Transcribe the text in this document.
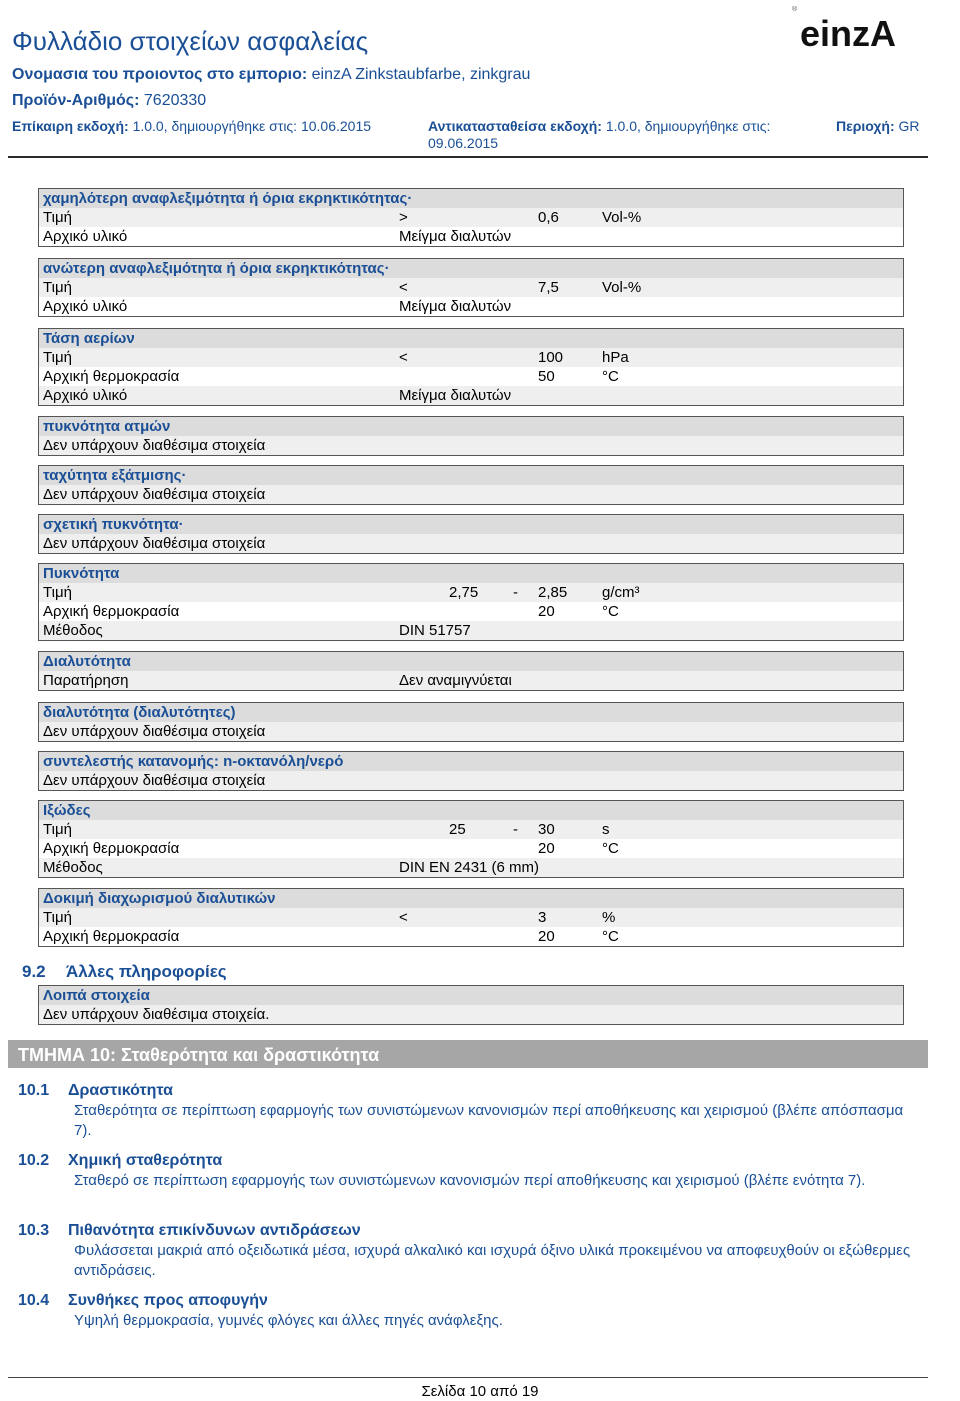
Φυλλάδιο στοιχείων ασφαλείας
®
einzA
Ονομασια του προιοντος στο εμποριο: einzA Zinkstaubfarbe, zinkgrau
Προϊόν-Αριθμός: 7620330
Επίκαιρη εκδοχή: 1.0.0, δημιουργήθηκε στις: 10.06.2015	Αντικατασταθείσα εκδοχή: 1.0.0, δημιουργήθηκε στις:
09.06.2015
Περιοχή: GR
χαμηλότερη αναφλεξιμότητα ή όρια εκρηκτικότητας·
Τιμή	>	0,6	Vol-%
Αρχικό υλικό	Μείγμα διαλυτών
ανώτερη αναφλεξιμότητα ή όρια εκρηκτικότητας·
Τιμή	<	7,5	Vol-%
Αρχικό υλικό	Μείγμα διαλυτών
Τάση αερίων
Τιμή	<	100	hPa
Αρχική θερμοκρασία	50	°C
Αρχικό υλικό	Μείγμα διαλυτών
πυκνότητα ατμών
Δεν υπάρχουν διαθέσιμα στοιχεία
ταχύτητα εξάτμισης·
Δεν υπάρχουν διαθέσιμα στοιχεία
σχετική πυκνότητα·
Δεν υπάρχουν διαθέσιμα στοιχεία
Πυκνότητα
Τιμή	2,75 - 2,85 g/cm³
Αρχική θερμοκρασία	20	°C
Μέθοδος	DIN 51757
Διαλυτότητα
Παρατήρηση	Δεν αναμιγνύεται
διαλυτότητα (διαλυτότητες)
Δεν υπάρχουν διαθέσιμα στοιχεία
συντελεστής κατανομής: n-οκτανόλη/νερό
Δεν υπάρχουν διαθέσιμα στοιχεία
Ιξώδες
Τιμή	25	- 30	s
Αρχική θερμοκρασία	20	°C
Μέθοδος	DIN EN 2431 (6 mm)
Δοκιμή διαχωρισμού διαλυτικών
Τιμή	<	3	%
Αρχική θερμοκρασία	20	°C
9.2 Άλλες πληροφορίες
Λοιπά στοιχεία
Δεν υπάρχουν διαθέσιμα στοιχεία.
ΤΜΗΜΑ 10: Σταθερότητα και δραστικότητα
10.1 Δραστικότητα
Σταθερότητα σε περίπτωση εφαρμογής των συνιστώμενων κανονισμών περί αποθήκευσης και χειρισμού (βλέπε απόσπασμα 7).
10.2 Χημική σταθερότητα
Σταθερό σε περίπτωση εφαρμογής των συνιστώμενων κανονισμών περί αποθήκευσης και χειρισμού (βλέπε ενότητα 7).
10.3 Πιθανότητα επικίνδυνων αντιδράσεων
Φυλάσσεται μακριά από οξειδωτικά μέσα, ισχυρά αλκαλικό και ισχυρά όξινο υλικά προκειμένου να αποφευχθούν οι εξώθερμες αντιδράσεις.
10.4 Συνθήκες προς αποφυγήν
Υψηλή θερμοκρασία, γυμνές φλόγες και άλλες πηγές ανάφλεξης.
Σελίδα 10 από 19
